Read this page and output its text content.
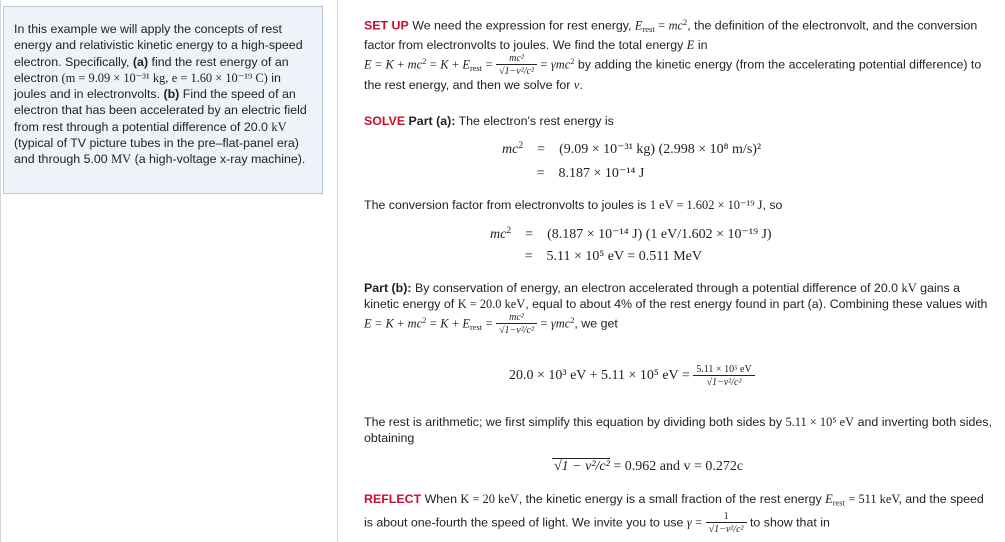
In this example we will apply the concepts of rest energy and relativistic kinetic energy to a high-speed electron. Specifically, (a) find the rest energy of an electron (m = 9.09 × 10⁻³¹ kg, e = 1.60 × 10⁻¹⁹ C) in joules and in electronvolts. (b) Find the speed of an electron that has been accelerated by an electric field from rest through a potential difference of 20.0 kV (typical of TV picture tubes in the pre–flat-panel era) and through 5.00 MV (a high-voltage x-ray machine).
SET UP We need the expression for rest energy, $E_{rest} = mc^2$, the definition of the electronvolt, and the conversion factor from electronvolts to joules. We find the total energy E in
$E = K + mc^2 = K + E_{rest} = \frac{\text{mc²}}{\text{√1−v²/c²}} = \gamma mc^2$ by adding the kinetic energy (from the accelerating potential difference) to the rest energy, and then we solve for v.
SOLVE Part (a): The electron's rest energy is
$mc^2 = (9.09 \times 10^{-31}$ kg) (2.998 × 10⁸ m/s)²
= 8.187 × 10⁻¹⁴ J
The conversion factor from electronvolts to joules is 1 eV = 1.602 × 10⁻¹⁹ J, so
$mc^2 = (8.187 \times 10^{-14}$ J) (1 eV/1.602 × 10⁻¹⁹ J)
= 5.11 × 10⁵ eV = 0.511 MeV
Part (b): By conservation of energy, an electron accelerated through a potential difference of 20.0 kV gains a kinetic energy of K = 20.0 keV, equal to about 4% of the rest energy found in part (a). Combining these values with $E = K + mc^2 = K + E_{rest} = \frac{\text{mc²}}{\text{√1−v²/c²}} = \gamma mc^2$, we get
20.0 × 10³ eV + 5.11 × 10⁵ eV = $\frac{\text{5.11 × 10⁵ eV}}{\text{√1−v²/c²}}$
The rest is arithmetic; we first simplify this equation by dividing both sides by 5.11 × 10⁵ eV and inverting both sides, obtaining
√1 − v²/c² = 0.962 and v = 0.272c
REFLECT When K = 20 keV, the kinetic energy is a small fraction of the rest energy $E_{rest} = 511$ keV, and the speed is about one-fourth the speed of light. We invite you to use $\gamma = \frac{1}{\text{√1−v²/c²}}$ to show that in
